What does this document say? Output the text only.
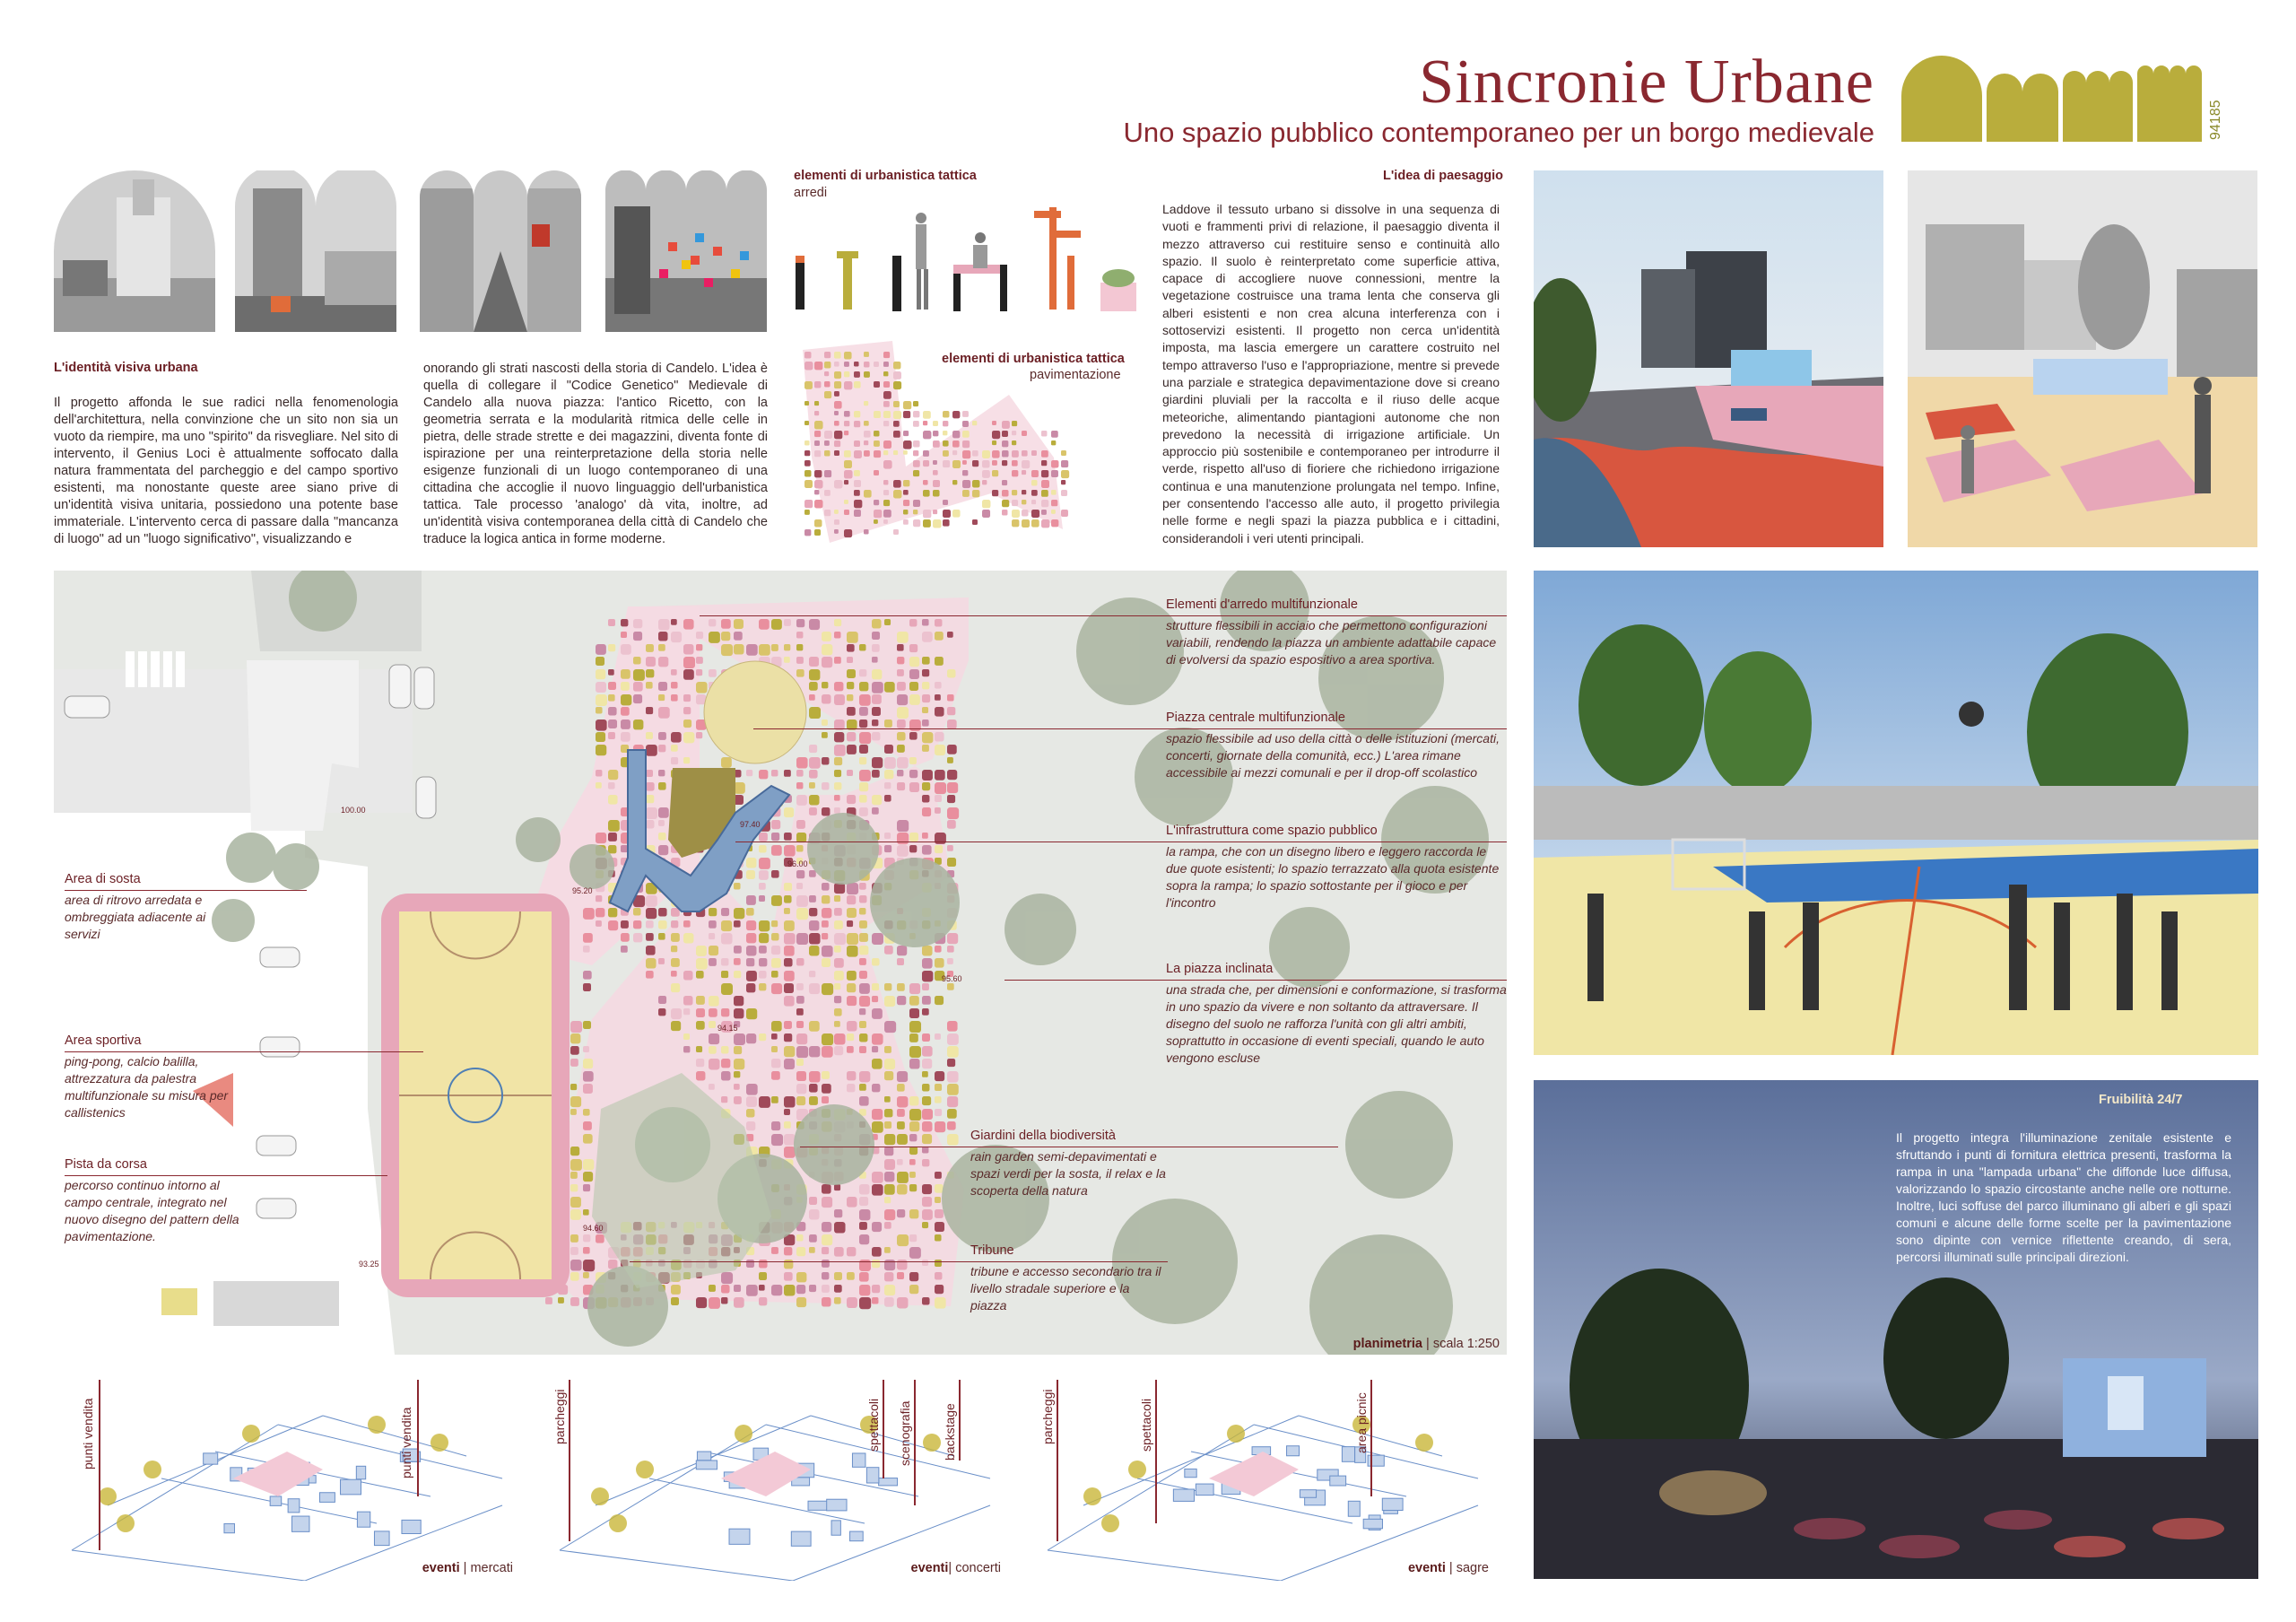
Sincronie Urbane
Uno spazio pubblico contemporaneo per un borgo medievale	94185
L'identità visiva urbana
Il progetto affonda le sue radici nella fenomenologia dell'architettura, nella convinzione che un sito non sia un vuoto da riempire, ma uno "spirito" da risvegliare. Nel sito di intervento, il Genius Loci è attualmente soffocato dalla natura frammentata del parcheggio e del campo sportivo esistenti, ma nonostante queste aree siano prive di un'identità visiva unitaria, possiedono una potente base immateriale. L'intervento cerca di passare dalla "mancanza di luogo" ad un "luogo significativo", visualizzando e
onorando gli strati nascosti della storia di Candelo. L'idea è quella di collegare il "Codice Genetico" Medievale di Candelo alla nuova piazza: l'antico Ricetto, con la geometria serrata e la modularità ritmica delle celle in pietra, delle strade strette e dei magazzini, diventa fonte di ispirazione per una reinterpretazione della storia nelle esigenze funzionali di un luogo contemporaneo di una cittadina che accoglie il nuovo linguaggio dell'urbanistica tattica. Tale processo 'analogo' dà vita, inoltre, ad un'identità visiva contemporanea della città di Candelo che traduce la logica antica in forme moderne.
elementi di urbanistica tattica
arredi
elementi di urbanistica tattica
pavimentazione
L'idea di paesaggio
Laddove il tessuto urbano si dissolve in una sequenza di vuoti e frammenti privi di relazione, il paesaggio diventa il mezzo attraverso cui restituire senso e continuità allo spazio. Il suolo è reinterpretato come superficie attiva, capace di accogliere nuove connessioni, mentre la vegetazione costruisce una trama lenta che conserva gli alberi esistenti e non crea alcuna interferenza con i sottoservizi esistenti. Il progetto non cerca un'identità imposta, ma lascia emergere un carattere costruito nel tempo attraverso l'uso e l'appropriazione, mentre si prevede una parziale e strategica depavimentazione dove si creano giardini pluviali per la raccolta e il riuso delle acque meteoriche, alimentando piantagioni autonome che non prevedono la necessità di irrigazione artificiale. Un approccio più sostenibile e contemporaneo per introdurre il verde, rispetto all'uso di fioriere che richiedono irrigazione continua e una manutenzione prolungata nel tempo. Infine, per consentendo l'accesso alle auto, il progetto privilegia nelle forme e negli spazi la piazza pubblica e i cittadini, considerandoli i veri utenti principali.
Fruibilità 24/7
Il progetto integra l'illuminazione zenitale esistente e sfruttando i punti di fornitura elettrica presenti, trasforma la rampa in una "lampada urbana" che diffonde luce diffusa, valorizzando lo spazio circostante anche nelle ore notturne. Inoltre, luci soffuse del parco illuminano gli alberi e gli spazi comuni e alcune delle forme scelte per la pavimentazione sono dipinte con vernice riflettente creando, di sera, percorsi illuminati sulle principali direzioni.
100.00
97.40
96.00
95.20
94.15
95.60
93.25
94.60
Area di sosta
area di ritrovo arredata e ombreggiata adiacente ai servizi
Area sportiva
ping-pong, calcio balilla, attrezzatura da palestra multifunzionale su misura per callistenics
Pista da corsa
percorso continuo intorno al campo centrale, integrato nel nuovo disegno del pattern della pavimentazione.
Elementi d'arredo multifunzionale
strutture flessibili in acciaio che permettono configurazioni variabili, rendendo la piazza un ambiente adattabile capace di evolversi da spazio espositivo a area sportiva.
Piazza centrale multifunzionale
spazio flessibile ad uso della città o delle istituzioni (mercati, concerti, giornate della comunità, ecc.) L'area rimane accessibile ai mezzi comunali e per il drop-off scolastico
L'infrastruttura come spazio pubblico
la rampa, che con un disegno libero e leggero raccorda le due quote esistenti; lo spazio terrazzato alla quota esistente sopra la rampa; lo spazio sottostante per il gioco e per l'incontro
La piazza inclinata
una strada che, per dimensioni e conformazione, si trasforma in uno spazio da vivere e non soltanto da attraversare. Il disegno del suolo ne rafforza l'unità con gli altri ambiti, soprattutto in occasione di eventi speciali, quando le auto vengono escluse
Giardini della biodiversità
rain garden semi-depavimentati e spazi verdi per la sosta, il relax e la scoperta della natura
Tribune
tribune e accesso secondario tra il livello stradale superiore e la piazza
planimetria | scala 1:250
punti vendita	punti vendita
eventi | mercati
parcheggi	spettacoli scenografia backstage
eventi| concerti
parcheggi	spettacoli	area picnic
eventi | sagre
